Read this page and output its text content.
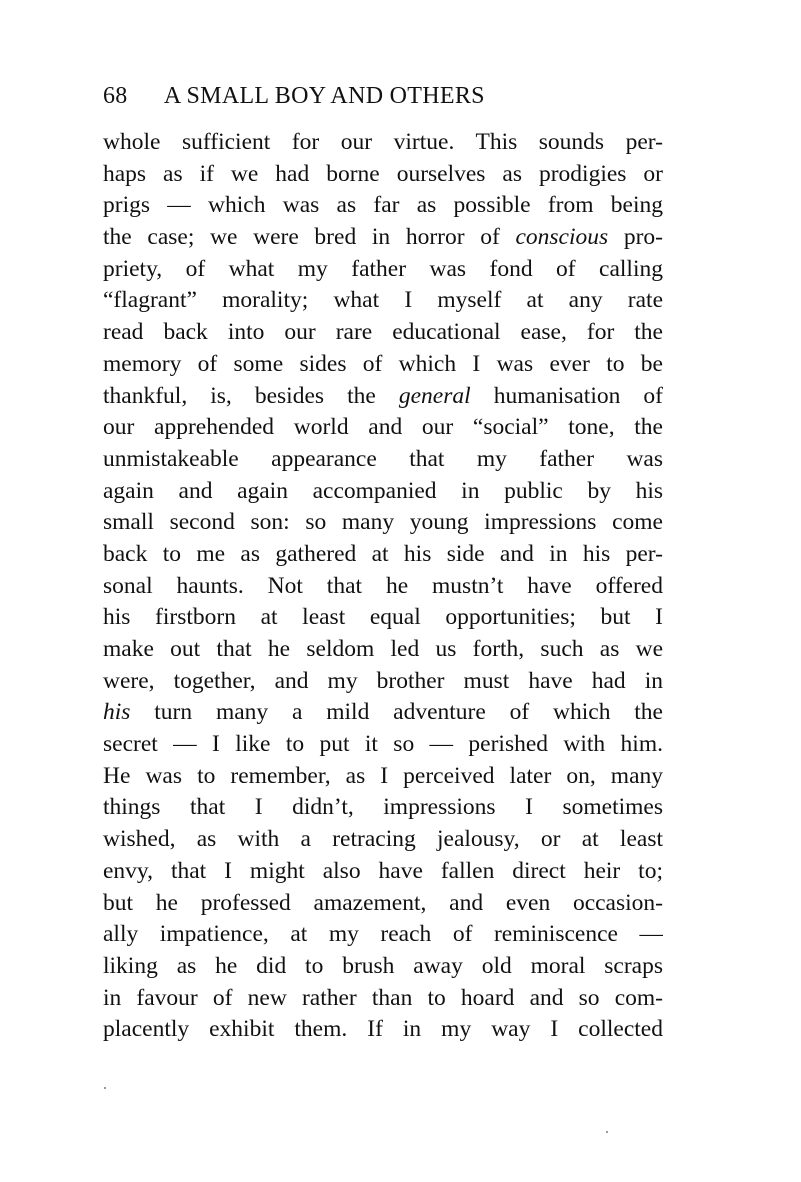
68 A SMALL BOY AND OTHERS
whole sufficient for our virtue. This sounds per-
haps as if we had borne ourselves as prodigies or
prigs — which was as far as possible from being
the case; we were bred in horror of conscious pro-
priety, of what my father was fond of calling
“flagrant” morality; what I myself at any rate
read back into our rare educational ease, for the
memory of some sides of which I was ever to be
thankful, is, besides the general humanisation of
our apprehended world and our “social” tone, the
unmistakeable appearance that my father was
again and again accompanied in public by his
small second son: so many young impressions come
back to me as gathered at his side and in his per-
sonal haunts. Not that he mustn’t have offered
his firstborn at least equal opportunities; but I
make out that he seldom led us forth, such as we
were, together, and my brother must have had in
his turn many a mild adventure of which the
secret — I like to put it so — perished with him.
He was to remember, as I perceived later on, many
things that I didn’t, impressions I sometimes
wished, as with a retracing jealousy, or at least
envy, that I might also have fallen direct heir to;
but he professed amazement, and even occasion-
ally impatience, at my reach of reminiscence —
liking as he did to brush away old moral scraps
in favour of new rather than to hoard and so com-
placently exhibit them. If in my way I collected
